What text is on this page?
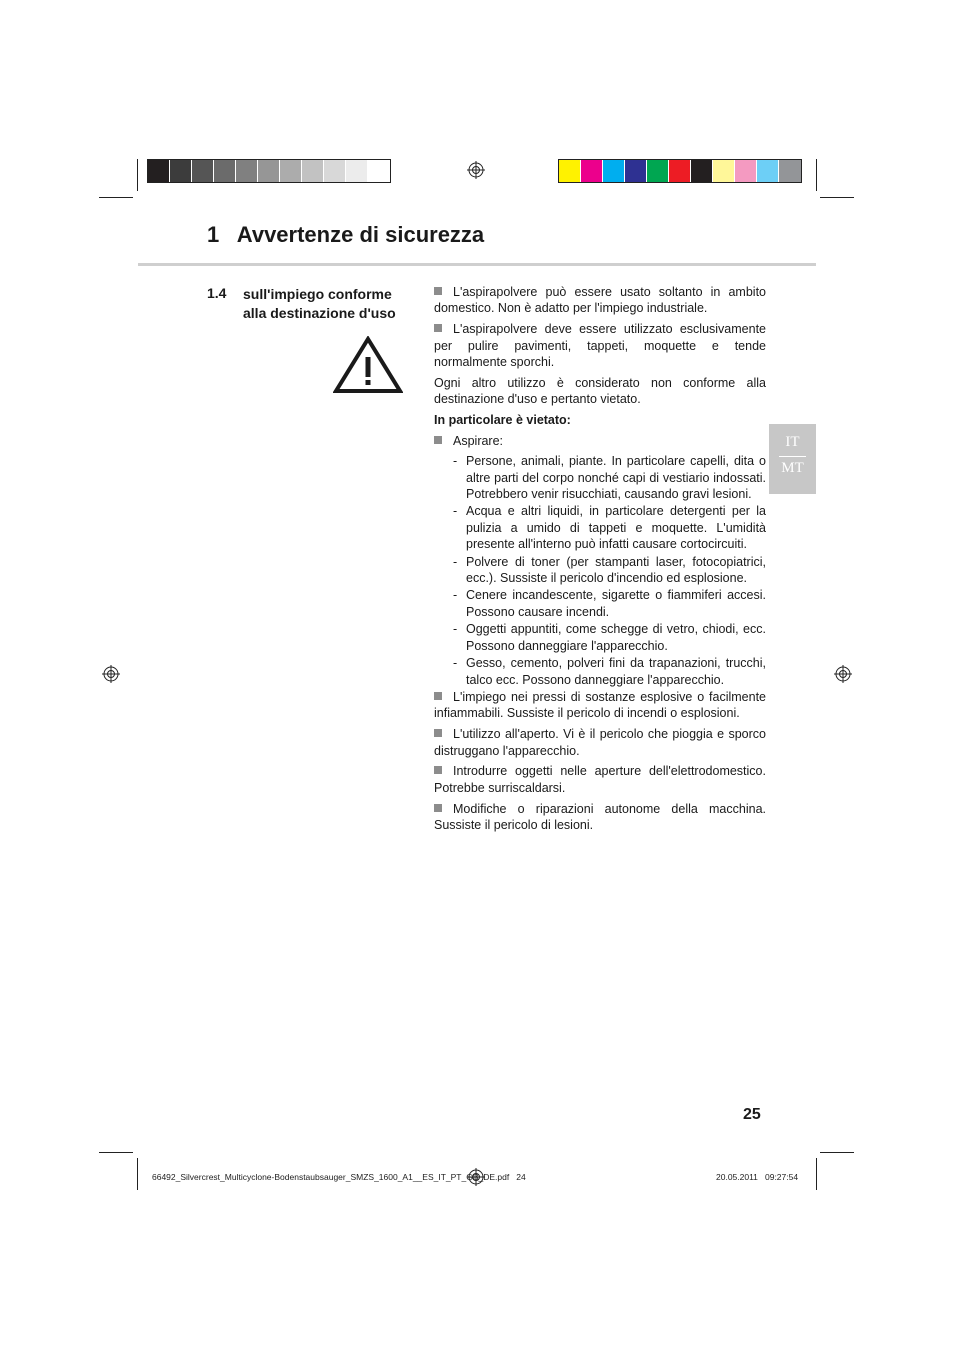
1   Avvertenze di sicurezza
1.4 sull'impiego conforme
alla destinazione d'uso

L'aspirapolvere può essere usato soltanto in ambito domestico. Non è adatto per l'impiego industriale.

L'aspirapolvere deve essere utilizzato esclusivamente per pulire pavimenti, tappeti, moquette e tende normalmente sporchi.

Ogni altro utilizzo è considerato non conforme alla destinazione d'uso e pertanto vietato.

In particolare è vietato:

Aspirare:

- Persone, animali, piante. In particolare capelli, dita o altre parti del corpo nonché capi di vestiario indossati. Potrebbero venir risucchiati, causando gravi lesioni.
- Acqua e altri liquidi, in particolare detergenti per la pulizia a umido di tappeti e moquette. L'umidità presente all'interno può infatti causare cortocircuiti.
- Polvere di toner (per stampanti laser, fotocopiatrici, ecc.). Sussiste il pericolo d'incendio ed esplosione.
- Cenere incandescente, sigarette o fiammiferi accesi. Possono causare incendi.
- Oggetti appuntiti, come schegge di vetro, chiodi, ecc. Possono danneggiare l'apparecchio.
- Gesso, cemento, polveri fini da trapanazioni, trucchi, talco ecc. Possono danneggiare l'apparecchio.

L'impiego nei pressi di sostanze esplosive o facilmente infiammabili. Sussiste il pericolo di incendi o esplosioni.

L'utilizzo all'aperto. Vi è il pericolo che pioggia e sporco distruggano l'apparecchio.

Introdurre oggetti nelle aperture dell'elettrodomestico. Potrebbe surriscaldarsi.

Modifiche o riparazioni autonome della macchina. Sussiste il pericolo di lesioni.

IT
MT
25
66492_Silvercrest_Multicyclone-Bodenstaubsauger_SMZS_1600_A1__ES_IT_PT_GB_DE.pdf   24	20.05.2011   09:27:54
